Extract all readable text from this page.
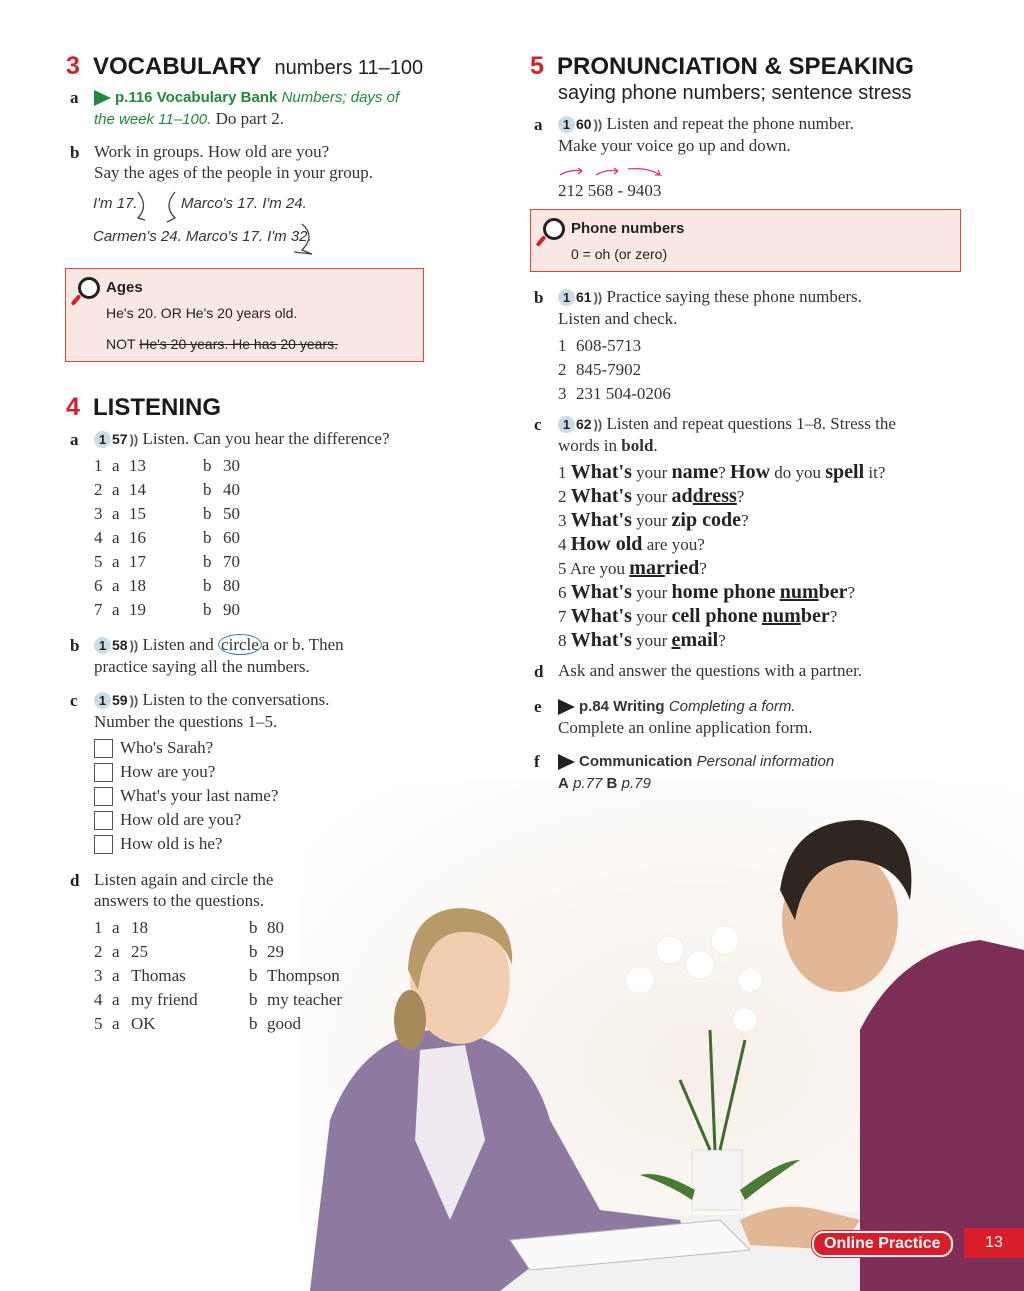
3 VOCABULARY numbers 11–100
a	p.116 Vocabulary Bank Numbers; days of
the week 11–100. Do part 2.
b Work in groups. How old are you?
Say the ages of the people in your group.
I'm 17.	Marco's 17. I'm 24.
Carmen's 24. Marco's 17. I'm 32.
Ages
He's 20. OR He's 20 years old.
NOT He's 20 years. He has 20 years.
4 LISTENING
a	1 57 )) Listen. Can you hear the difference?
1 a 13	b 30
2 a 14	b 40
3 a 15	b 50
4 a 16	b 60
5 a 17	b 70
6 a 18	b 80
7 a 19	b 90
b	1 58 )) Listen and circle a or b. Then
practice saying all the numbers.
c	1 59 )) Listen to the conversations.
Number the questions 1–5.
Who's Sarah?
How are you?
What's your last name?
How old are you?
How old is he?
d Listen again and circle the
answers to the questions.
1 a 18	b 80
2 a 25	b 29
3 a Thomas	b Thompson
4 a my friend	b my teacher
5 a OK	b good
5 PRONUNCIATION & SPEAKING
saying phone numbers; sentence stress
a	1 60 )) Listen and repeat the phone number.
Make your voice go up and down.
212 568 - 9403
Phone numbers
0 = oh (or zero)
b	1 61 )) Practice saying these phone numbers.
Listen and check.
1 608-5713
2 845-7902
3 231 504-0206
c	1 62 )) Listen and repeat questions 1–8. Stress the
words in bold.
1 What's your name? How do you spell it?
2 What's your address?
3 What's your zip code?
4 How old are you?
5 Are you married?
6 What's your home phone number?
7 What's your cell phone number?
8 What's your email?
d Ask and answer the questions with a partner.
e	p.84 Writing Completing a form.
Complete an online application form.
f	Communication Personal information
A p.77 B p.79
Online Practice	13
